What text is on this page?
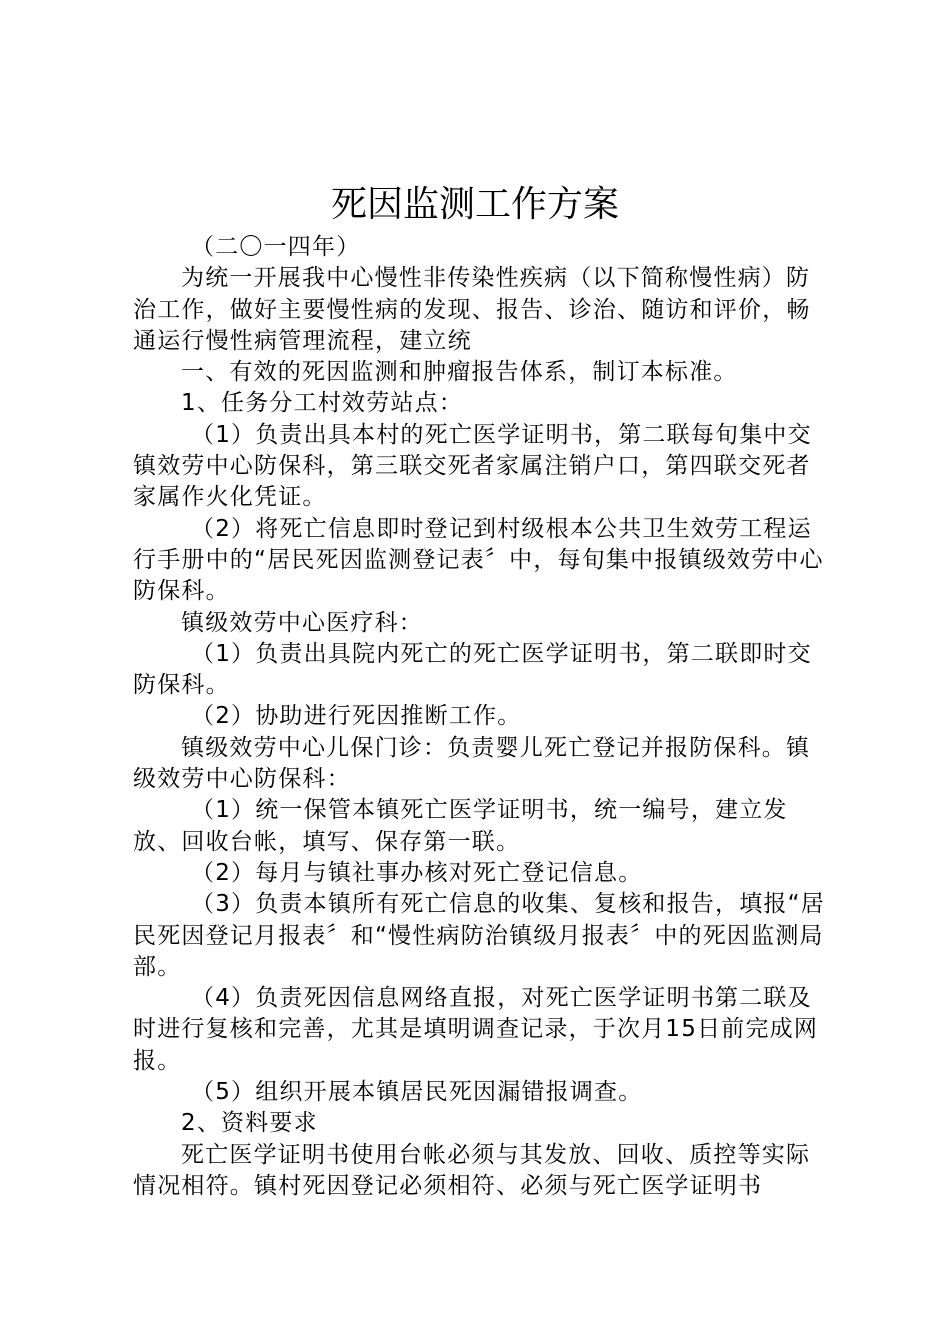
死因监测工作方案

（二〇一四年）

为统一开展我中心慢性非传染性疾病（以下简称慢性病）防治工作，做好主要慢性病的发现、报告、诊治、随访和评价，畅通运行慢性病管理流程，建立统

一、有效的死因监测和肿瘤报告体系，制订本标准。

1、任务分工村效劳站点：

（1）负责出具本村的死亡医学证明书，第二联每旬集中交镇效劳中心防保科，第三联交死者家属注销户口，第四联交死者家属作火化凭证。

（2）将死亡信息即时登记到村级根本公共卫生效劳工程运行手册中的“居民死因监测登记表〞中，每旬集中报镇级效劳中心防保科。

镇级效劳中心医疗科：

（1）负责出具院内死亡的死亡医学证明书，第二联即时交防保科。

（2）协助进行死因推断工作。

镇级效劳中心儿保门诊：负责婴儿死亡登记并报防保科。镇级效劳中心防保科：

（1）统一保管本镇死亡医学证明书，统一编号，建立发放、回收台帐，填写、保存第一联。

（2）每月与镇社事办核对死亡登记信息。

（3）负责本镇所有死亡信息的收集、复核和报告，填报“居民死因登记月报表〞和“慢性病防治镇级月报表〞中的死因监测局部。

（4）负责死因信息网络直报，对死亡医学证明书第二联及时进行复核和完善，尤其是填明调查记录，于次月15日前完成网报。

（5）组织开展本镇居民死因漏错报调查。

2、资料要求

死亡医学证明书使用台帐必须与其发放、回收、质控等实际情况相符。镇村死因登记必须相符、必须与死亡医学证明书
